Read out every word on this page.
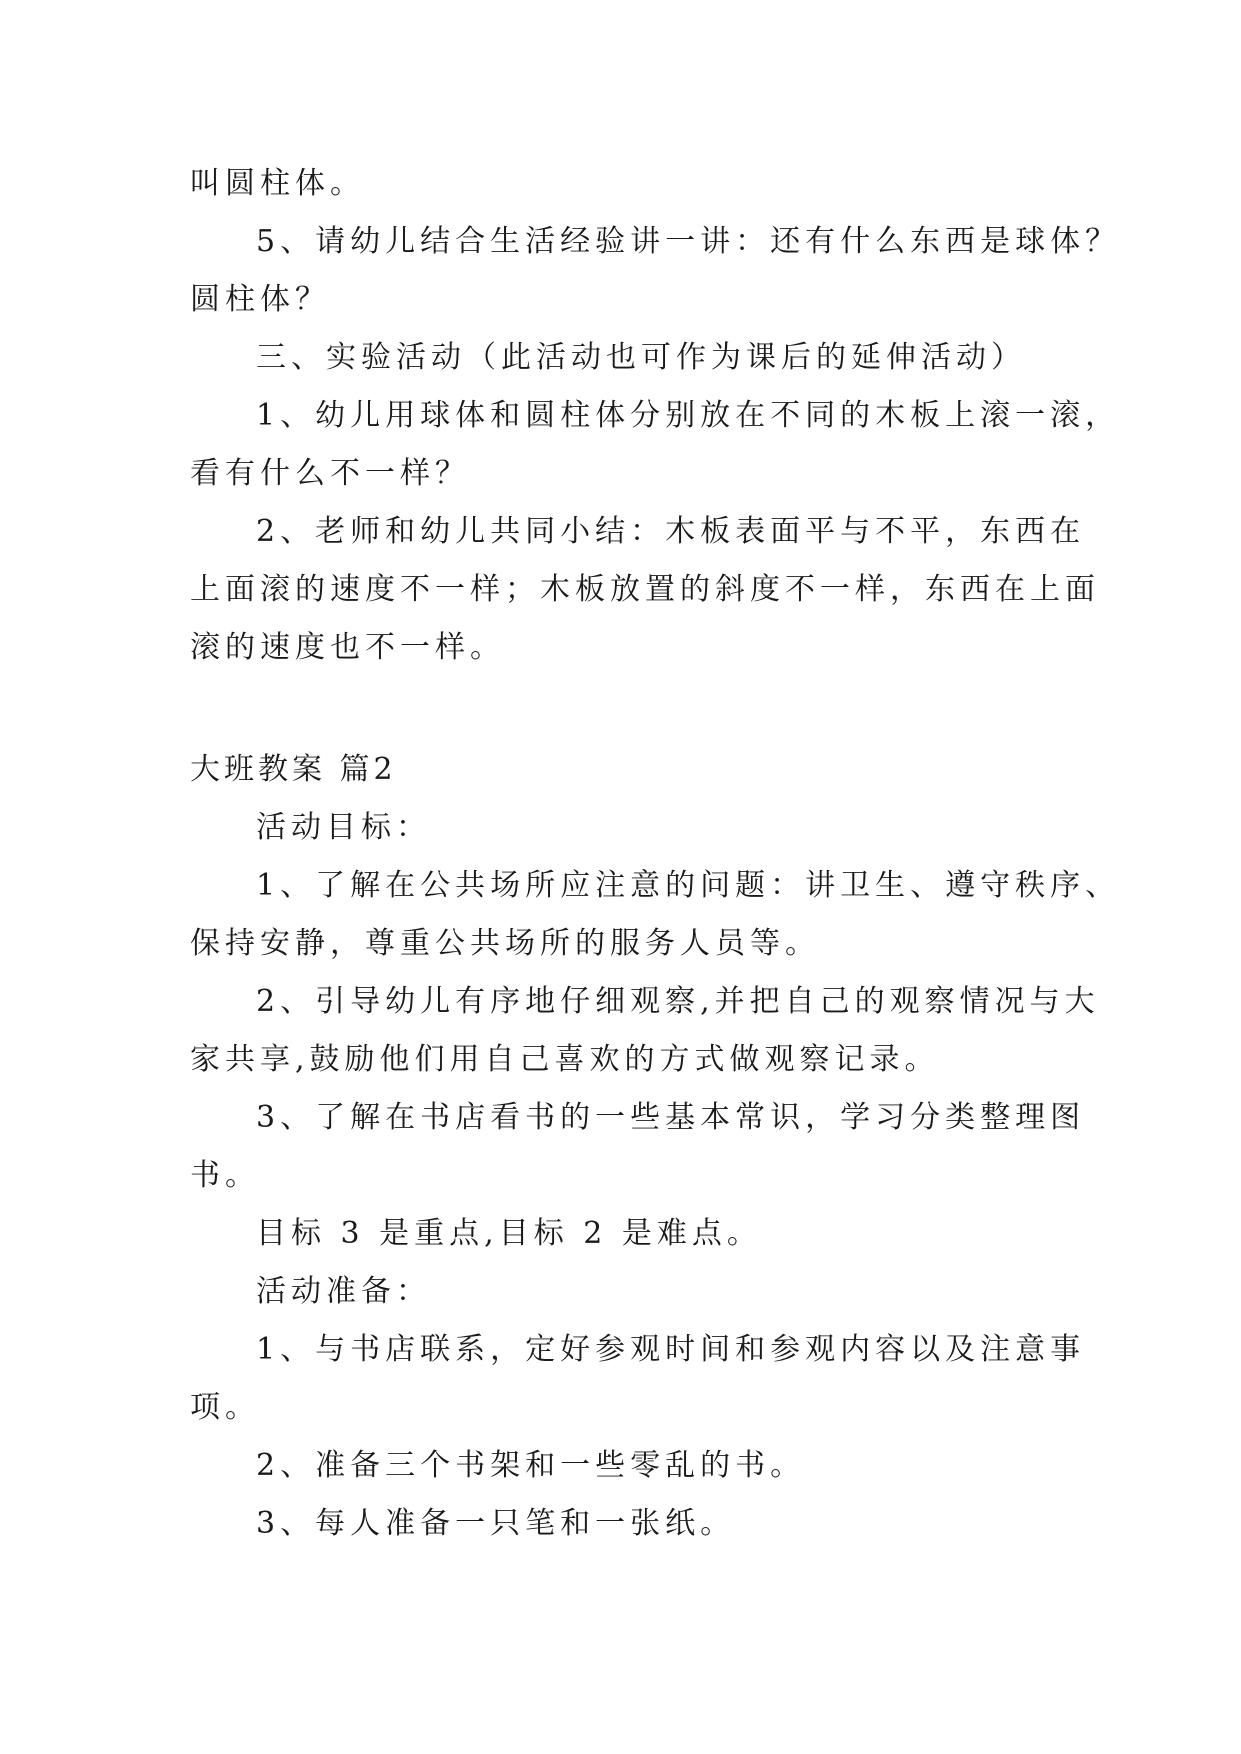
叫圆柱体。
5、请幼儿结合生活经验讲一讲：还有什么东西是球体？
圆柱体？
三、实验活动（此活动也可作为课后的延伸活动）
1、幼儿用球体和圆柱体分别放在不同的木板上滚一滚，
看有什么不一样？
2、老师和幼儿共同小结：木板表面平与不平，东西在
上面滚的速度不一样；木板放置的斜度不一样，东西在上面
滚的速度也不一样。
大班教案 篇2
活动目标：
1、了解在公共场所应注意的问题：讲卫生、遵守秩序、
保持安静，尊重公共场所的服务人员等。
2、引导幼儿有序地仔细观察,并把自己的观察情况与大
家共享,鼓励他们用自己喜欢的方式做观察记录。
3、了解在书店看书的一些基本常识，学习分类整理图
书。
目标 3 是重点,目标 2 是难点。
活动准备：
1、与书店联系，定好参观时间和参观内容以及注意事
项。
2、准备三个书架和一些零乱的书。
3、每人准备一只笔和一张纸。
